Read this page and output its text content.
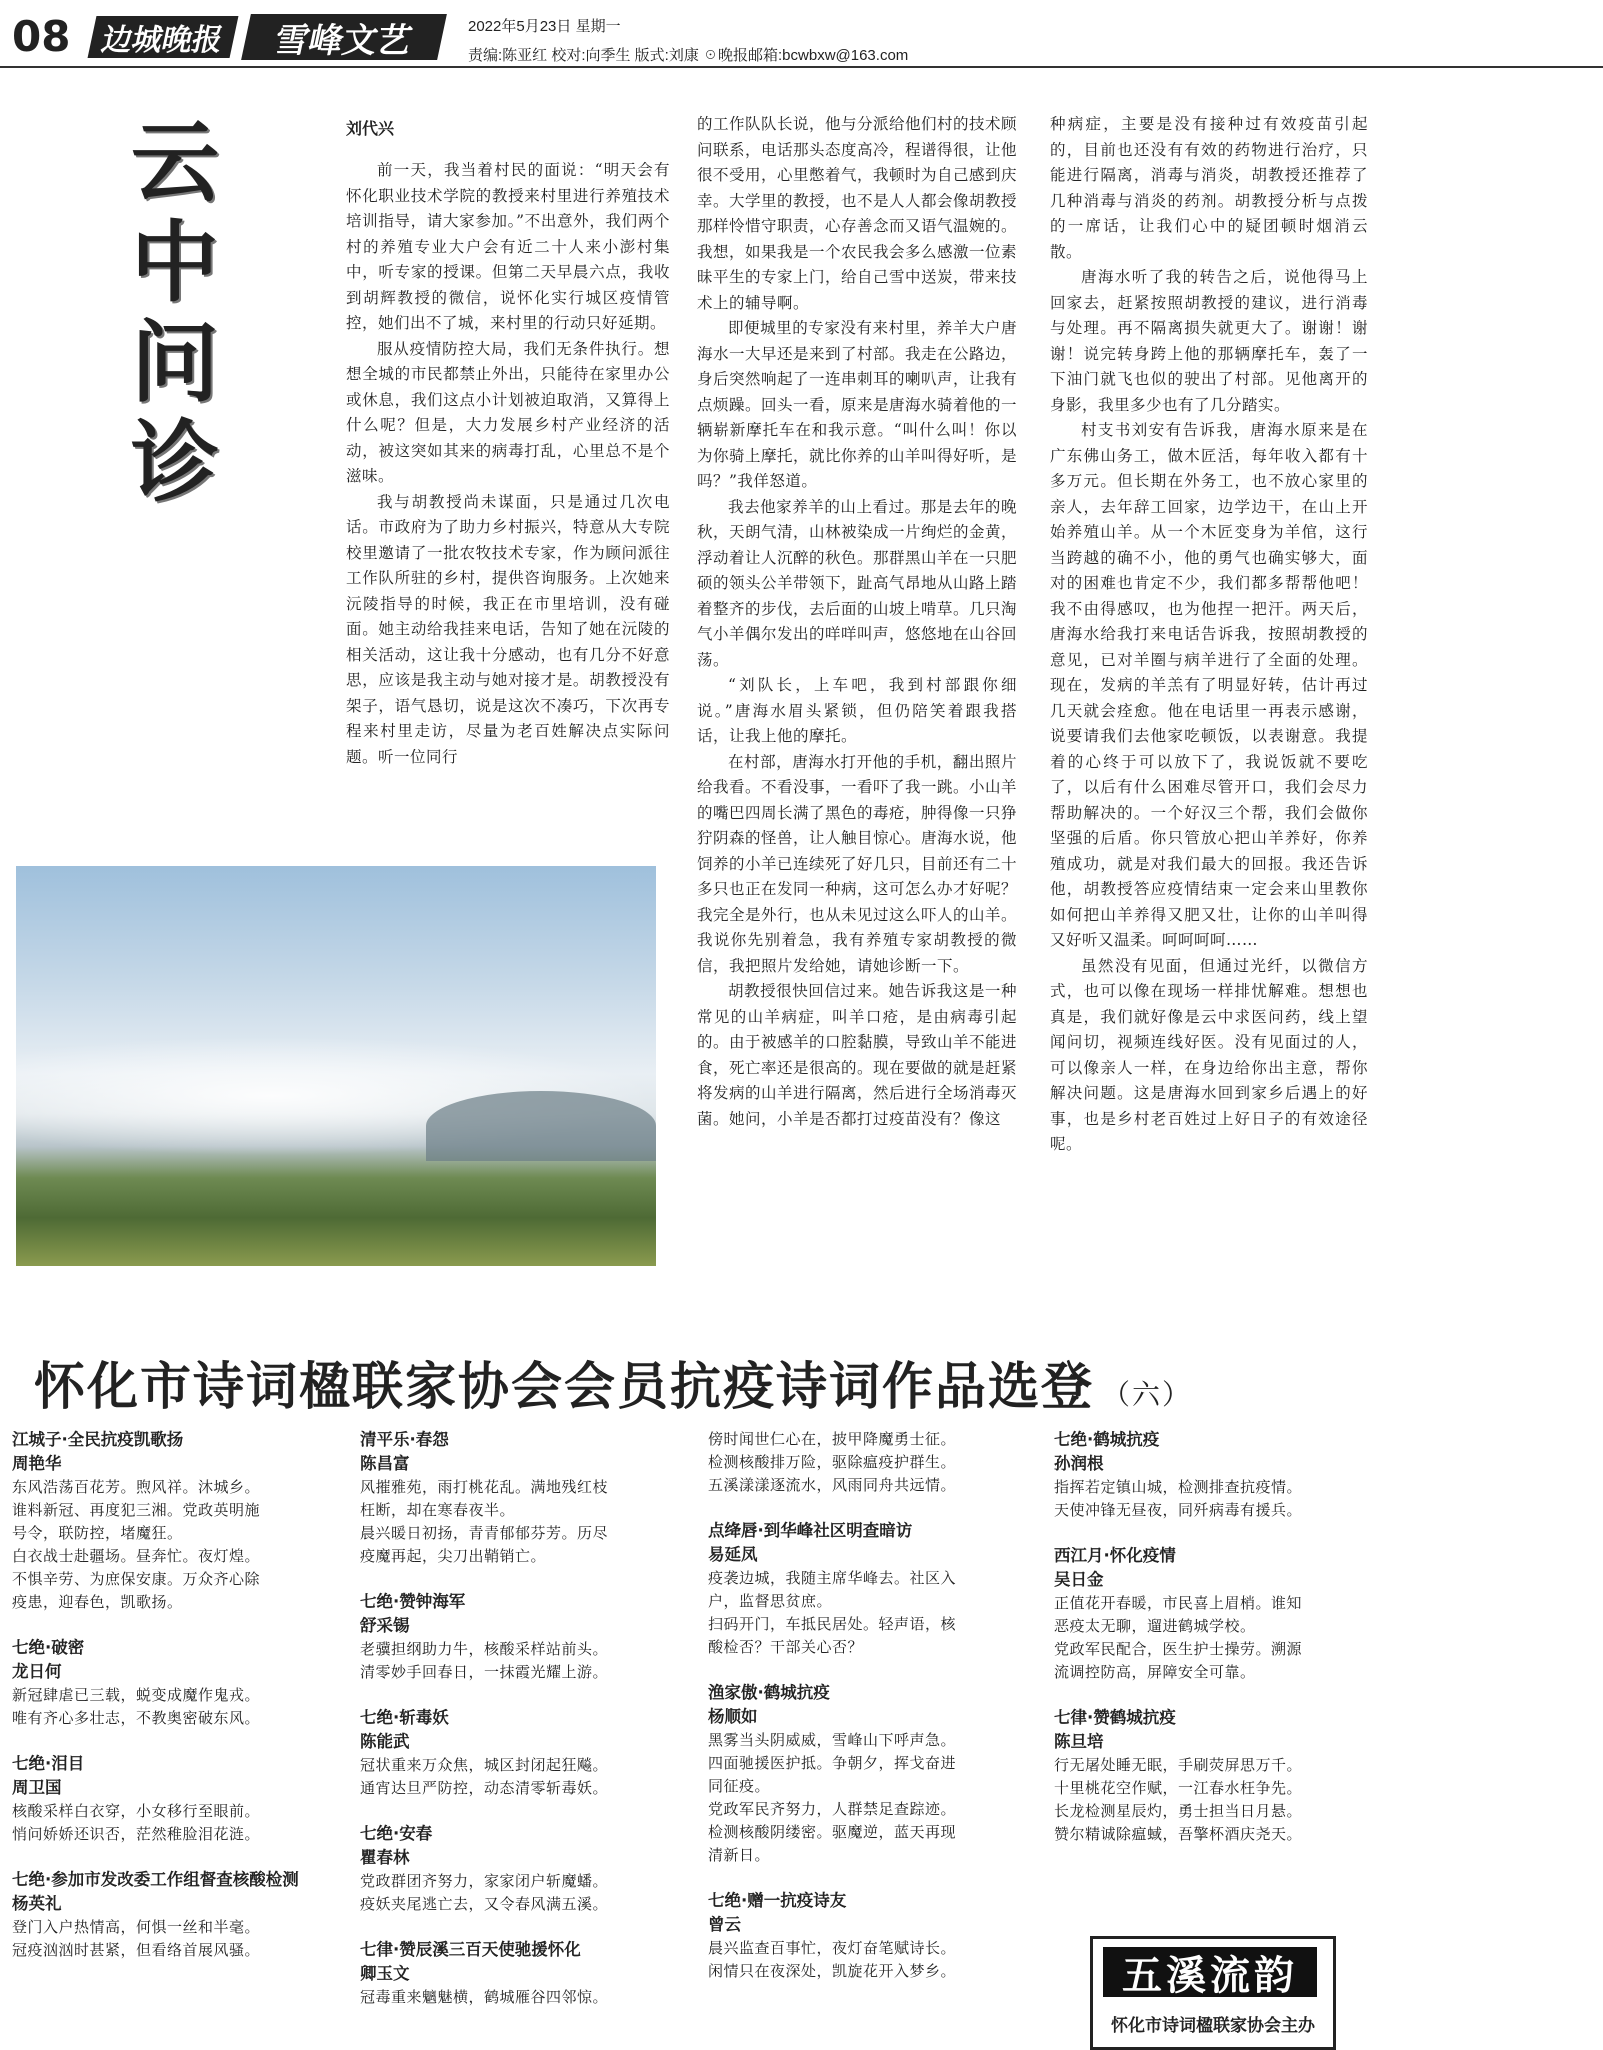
08 边城晚报	雪峰文艺	2022年5月23日 星期一
责编:陈亚红 校对:向季生 版式:刘康 ☉晚报邮箱:bcwbxw@163.com
云中问诊
刘代兴

前一天，我当着村民的面说：“明天会有怀化职业技术学院的教授来村里进行养殖技术培训指导，请大家参加。”不出意外，我们两个村的养殖专业大户会有近二十人来小澎村集中，听专家的授课。但第二天早晨六点，我收到胡辉教授的微信，说怀化实行城区疫情管控，她们出不了城，来村里的行动只好延期。

服从疫情防控大局，我们无条件执行。想想全城的市民都禁止外出，只能待在家里办公或休息，我们这点小计划被迫取消，又算得上什么呢？但是，大力发展乡村产业经济的活动，被这突如其来的病毒打乱，心里总不是个滋味。

我与胡教授尚未谋面，只是通过几次电话。市政府为了助力乡村振兴，特意从大专院校里邀请了一批农牧技术专家，作为顾问派往工作队所驻的乡村，提供咨询服务。上次她来沅陵指导的时候，我正在市里培训，没有碰面。她主动给我挂来电话，告知了她在沅陵的相关活动，这让我十分感动，也有几分不好意思，应该是我主动与她对接才是。胡教授没有架子，语气恳切，说是这次不凑巧，下次再专程来村里走访，尽量为老百姓解决点实际问题。听一位同行

的工作队队长说，他与分派给他们村的技术顾问联系，电话那头态度高冷，程谱得很，让他很不受用，心里憋着气，我顿时为自己感到庆幸。大学里的教授，也不是人人都会像胡教授那样怜惜守职责，心存善念而又语气温婉的。我想，如果我是一个农民我会多么感激一位素昧平生的专家上门，给自己雪中送炭，带来技术上的辅导啊。

即便城里的专家没有来村里，养羊大户唐海水一大早还是来到了村部。我走在公路边，身后突然响起了一连串刺耳的喇叭声，让我有点烦躁。回头一看，原来是唐海水骑着他的一辆崭新摩托车在和我示意。“叫什么叫！你以为你骑上摩托，就比你养的山羊叫得好听，是吗？”我佯怒道。

我去他家养羊的山上看过。那是去年的晚秋，天朗气清，山林被染成一片绚烂的金黄，浮动着让人沉醉的秋色。那群黑山羊在一只肥硕的领头公羊带领下，趾高气昂地从山路上踏着整齐的步伐，去后面的山坡上啃草。几只淘气小羊偶尔发出的咩咩叫声，悠悠地在山谷回荡。

“刘队长，上车吧，我到村部跟你细说。”唐海水眉头紧锁，但仍陪笑着跟我搭话，让我上他的摩托。

在村部，唐海水打开他的手机，翻出照片给我看。不看没事，一看吓了我一跳。小山羊的嘴巴四周长满了黑色的毒疮，肿得像一只狰狞阴森的怪兽，让人触目惊心。唐海水说，他饲养的小羊已连续死了好几只，目前还有二十多只也正在发同一种病，这可怎么办才好呢？我完全是外行，也从未见过这么吓人的山羊。我说你先别着急，我有养殖专家胡教授的微信，我把照片发给她，请她诊断一下。

胡教授很快回信过来。她告诉我这是一种常见的山羊病症，叫羊口疮，是由病毒引起的。由于被感羊的口腔黏膜，导致山羊不能进食，死亡率还是很高的。现在要做的就是赶紧将发病的山羊进行隔离，然后进行全场消毒灭菌。她问，小羊是否都打过疫苗没有？像这

种病症，主要是没有接种过有效疫苗引起的，目前也还没有有效的药物进行治疗，只能进行隔离，消毒与消炎，胡教授还推荐了几种消毒与消炎的药剂。胡教授分析与点拨的一席话，让我们心中的疑团顿时烟消云散。

唐海水听了我的转告之后，说他得马上回家去，赶紧按照胡教授的建议，进行消毒与处理。再不隔离损失就更大了。谢谢！谢谢！说完转身跨上他的那辆摩托车，轰了一下油门就飞也似的驶出了村部。见他离开的身影，我里多少也有了几分踏实。

村支书刘安有告诉我，唐海水原来是在广东佛山务工，做木匠活，每年收入都有十多万元。但长期在外务工，也不放心家里的亲人，去年辞工回家，边学边干，在山上开始养殖山羊。从一个木匠变身为羊倌，这行当跨越的确不小，他的勇气也确实够大，面对的困难也肯定不少，我们都多帮帮他吧！我不由得感叹，也为他捏一把汗。两天后，唐海水给我打来电话告诉我，按照胡教授的意见，已对羊圈与病羊进行了全面的处理。现在，发病的羊羔有了明显好转，估计再过几天就会痊愈。他在电话里一再表示感谢，说要请我们去他家吃顿饭，以表谢意。我提着的心终于可以放下了，我说饭就不要吃了，以后有什么困难尽管开口，我们会尽力帮助解决的。一个好汉三个帮，我们会做你坚强的后盾。你只管放心把山羊养好，你养殖成功，就是对我们最大的回报。我还告诉他，胡教授答应疫情结束一定会来山里教你如何把山羊养得又肥又壮，让你的山羊叫得又好听又温柔。呵呵呵呵……

虽然没有见面，但通过光纤，以微信方式，也可以像在现场一样排忧解难。想想也真是，我们就好像是云中求医问药，线上望闻问切，视频连线好医。没有见面过的人，可以像亲人一样，在身边给你出主意，帮你解决问题。这是唐海水回到家乡后遇上的好事，也是乡村老百姓过上好日子的有效途径呢。

怀化市诗词楹联家协会会员抗疫诗词作品选登 （六）
江城子·全民抗疫凯歌扬
周艳华
东风浩荡百花芳。煦风祥。沐城乡。
谁料新冠、再度犯三湘。党政英明施
号令，联防控，堵魔狂。
白衣战士赴疆场。昼奔忙。夜灯煌。
不惧辛劳、为庶保安康。万众齐心除
疫患，迎春色，凯歌扬。
七绝·破密
龙日何
新冠肆虐已三载，蜕变成魔作鬼戎。
唯有齐心多壮志，不教奥密破东风。
七绝·泪目
周卫国
核酸采样白衣穿，小女移行至眼前。
悄问娇娇还识否，茫然稚脸泪花涟。
七绝·参加市发改委工作组督查核酸检测
杨英礼
登门入户热情高，何惧一丝和半毫。
冠疫汹汹时甚紧，但看络首展风骚。
清平乐·春怨
陈昌富
风摧雅苑，雨打桃花乱。满地残红枝
枉断，却在寒春夜半。
晨兴暖日初扬，青青郁郁芬芳。历尽
疫魔再起，尖刀出鞘销亡。
七绝·赞钟海军
舒采锡
老骥担纲助力牛，核酸采样站前头。
清零妙手回春日，一抹霞光耀上游。
七绝·斩毒妖
陈能武
冠状重来万众焦，城区封闭起狂飚。
通宵达旦严防控，动态清零斩毒妖。
七绝·安春
瞿春林
党政群团齐努力，家家闭户斩魔蟠。
疫妖夹尾逃亡去，又令春风满五溪。
七律·赞辰溪三百天使驰援怀化
卿玉文
冠毒重来魑魅横，鹤城雁谷四邻惊。
傍时闻世仁心在，披甲降魔勇士征。
检测核酸排万险，驱除瘟疫护群生。
五溪漾漾逐流水，风雨同舟共远情。
点绛唇·到华峰社区明查暗访
易延凤
疫袭边城，我随主席华峰去。社区入
户，监督思贫庶。
扫码开门，车抵民居处。轻声语，核
酸检否？干部关心否？
渔家傲·鹤城抗疫
杨顺如
黑雾当头阴威威，雪峰山下呼声急。
四面驰援医护抵。争朝夕，挥戈奋进
同征疫。
党政军民齐努力，人群禁足查踪迹。
检测核酸阴缕密。驱魔逆，蓝天再现
清新日。
七绝·赠一抗疫诗友
曾云
晨兴监查百事忙，夜灯奋笔赋诗长。
闲情只在夜深处，凯旋花开入梦乡。
七绝·鹤城抗疫
孙润根
指挥若定镇山城，检测排查抗疫情。
天使冲锋无昼夜，同歼病毒有援兵。
西江月·怀化疫情
吴日金
正值花开春暖，市民喜上眉梢。谁知
恶疫太无聊，遛进鹤城学校。
党政军民配合，医生护士操劳。溯源
流调控防高，屏障安全可靠。
七律·赞鹤城抗疫
陈旦培
行无屠处睡无眠，手刷荧屏思万千。
十里桃花空作赋，一江春水枉争先。
长龙检测星辰灼，勇士担当日月悬。
赞尔精诚除瘟蜮，吾擎杯酒庆尧天。
五溪流韵
怀化市诗词楹联家协会主办
